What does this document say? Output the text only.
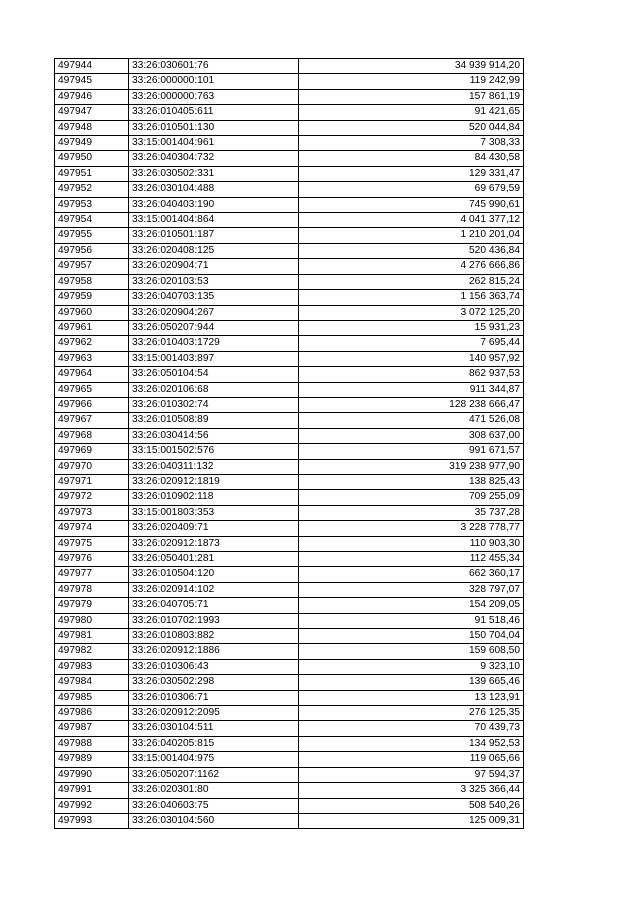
497944	33:26:030601:76	34 939 914,20
497945	33:26:000000:101	119 242,99
497946	33:26:000000:763	157 861,19
497947	33:26:010405:611	91 421,65
497948	33:26:010501:130	520 044,84
497949	33:15:001404:961	7 308,33
497950	33:26:040304:732	84 430,58
497951	33:26:030502:331	129 331,47
497952	33:26:030104:488	69 679,59
497953	33:26:040403:190	745 990,61
497954	33:15:001404:864	4 041 377,12
497955	33:26:010501:187	1 210 201,04
497956	33:26:020408:125	520 436,84
497957	33:26:020904:71	4 276 666,86
497958	33:26:020103:53	262 815,24
497959	33:26:040703:135	1 156 363,74
497960	33:26:020904:267	3 072 125,20
497961	33:26:050207:944	15 931,23
497962	33:26:010403:1729	7 695,44
497963	33:15:001403:897	140 957,92
497964	33:26:050104:54	862 937,53
497965	33:26:020106:68	911 344,87
497966	33:26:010302:74	128 238 666,47
497967	33:26:010508:89	471 526,08
497968	33:26:030414:56	308 637,00
497969	33:15:001502:576	991 671,57
497970	33:26:040311:132	319 238 977,90
497971	33:26:020912:1819	138 825,43
497972	33:26:010902:118	709 255,09
497973	33:15:001803:353	35 737,28
497974	33:26:020409:71	3 228 778,77
497975	33:26:020912:1873	110 903,30
497976	33:26:050401:281	112 455,34
497977	33:26:010504:120	662 360,17
497978	33:26:020914:102	328 797,07
497979	33:26:040705:71	154 209,05
497980	33:26:010702:1993	91 518,46
497981	33:26:010803:882	150 704,04
497982	33:26:020912:1886	159 608,50
497983	33:26:010306:43	9 323,10
497984	33:26:030502:298	139 665,46
497985	33:26:010306:71	13 123,91
497986	33:26:020912:2095	276 125,35
497987	33:26:030104:511	70 439,73
497988	33:26:040205:815	134 952,53
497989	33:15:001404:975	119 065,66
497990	33:26:050207:1162	97 594,37
497991	33:26:020301:80	3 325 366,44
497992	33:26:040603:75	508 540,26
497993	33:26:030104:560	125 009,31
